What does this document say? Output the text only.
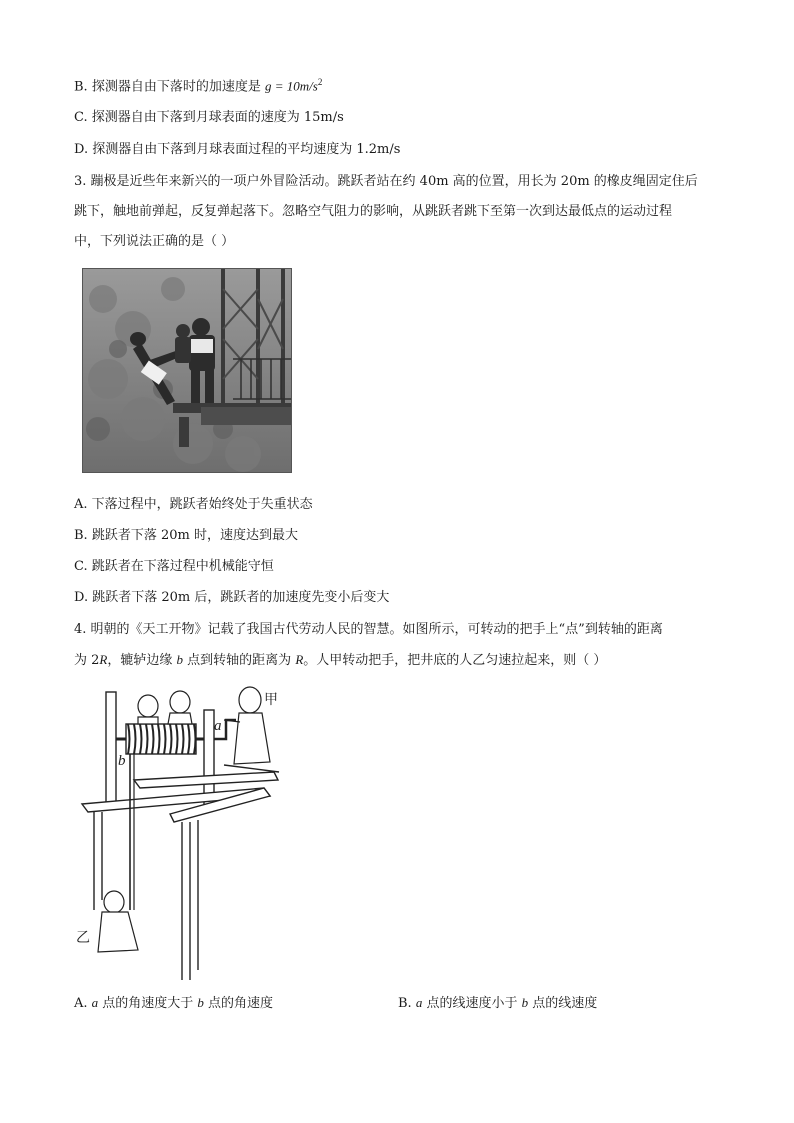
B. 探测器自由下落时的加速度是 $g = 10m/s^2$
C. 探测器自由下落到月球表面的速度为 15m/s
D. 探测器自由下落到月球表面过程的平均速度为 1.2m/s
3. 蹦极是近些年来新兴的一项户外冒险活动。跳跃者站在约 40m 高的位置，用长为 20m 的橡皮绳固定住后
跳下，触地前弹起，反复弹起落下。忽略空气阻力的影响，从跳跃者跳下至第一次到达最低点的运动过程
中，下列说法正确的是（ ）
A. 下落过程中，跳跃者始终处于失重状态
B. 跳跃者下落 20m 时，速度达到最大
C. 跳跃者在下落过程中机械能守恒
D. 跳跃者下落 20m 后，跳跃者的加速度先变小后变大
4. 明朝的《天工开物》记载了我国古代劳动人民的智慧。如图所示，可转动的把手上“点”到转轴的距离
为 2R，辘轳边缘 b 点到转轴的距离为 R。人甲转动把手，把井底的人乙匀速拉起来，则（ ）
a
b
甲
乙
A. a 点的角速度大于 b 点的角速度	B. a 点的线速度小于 b 点的线速度
